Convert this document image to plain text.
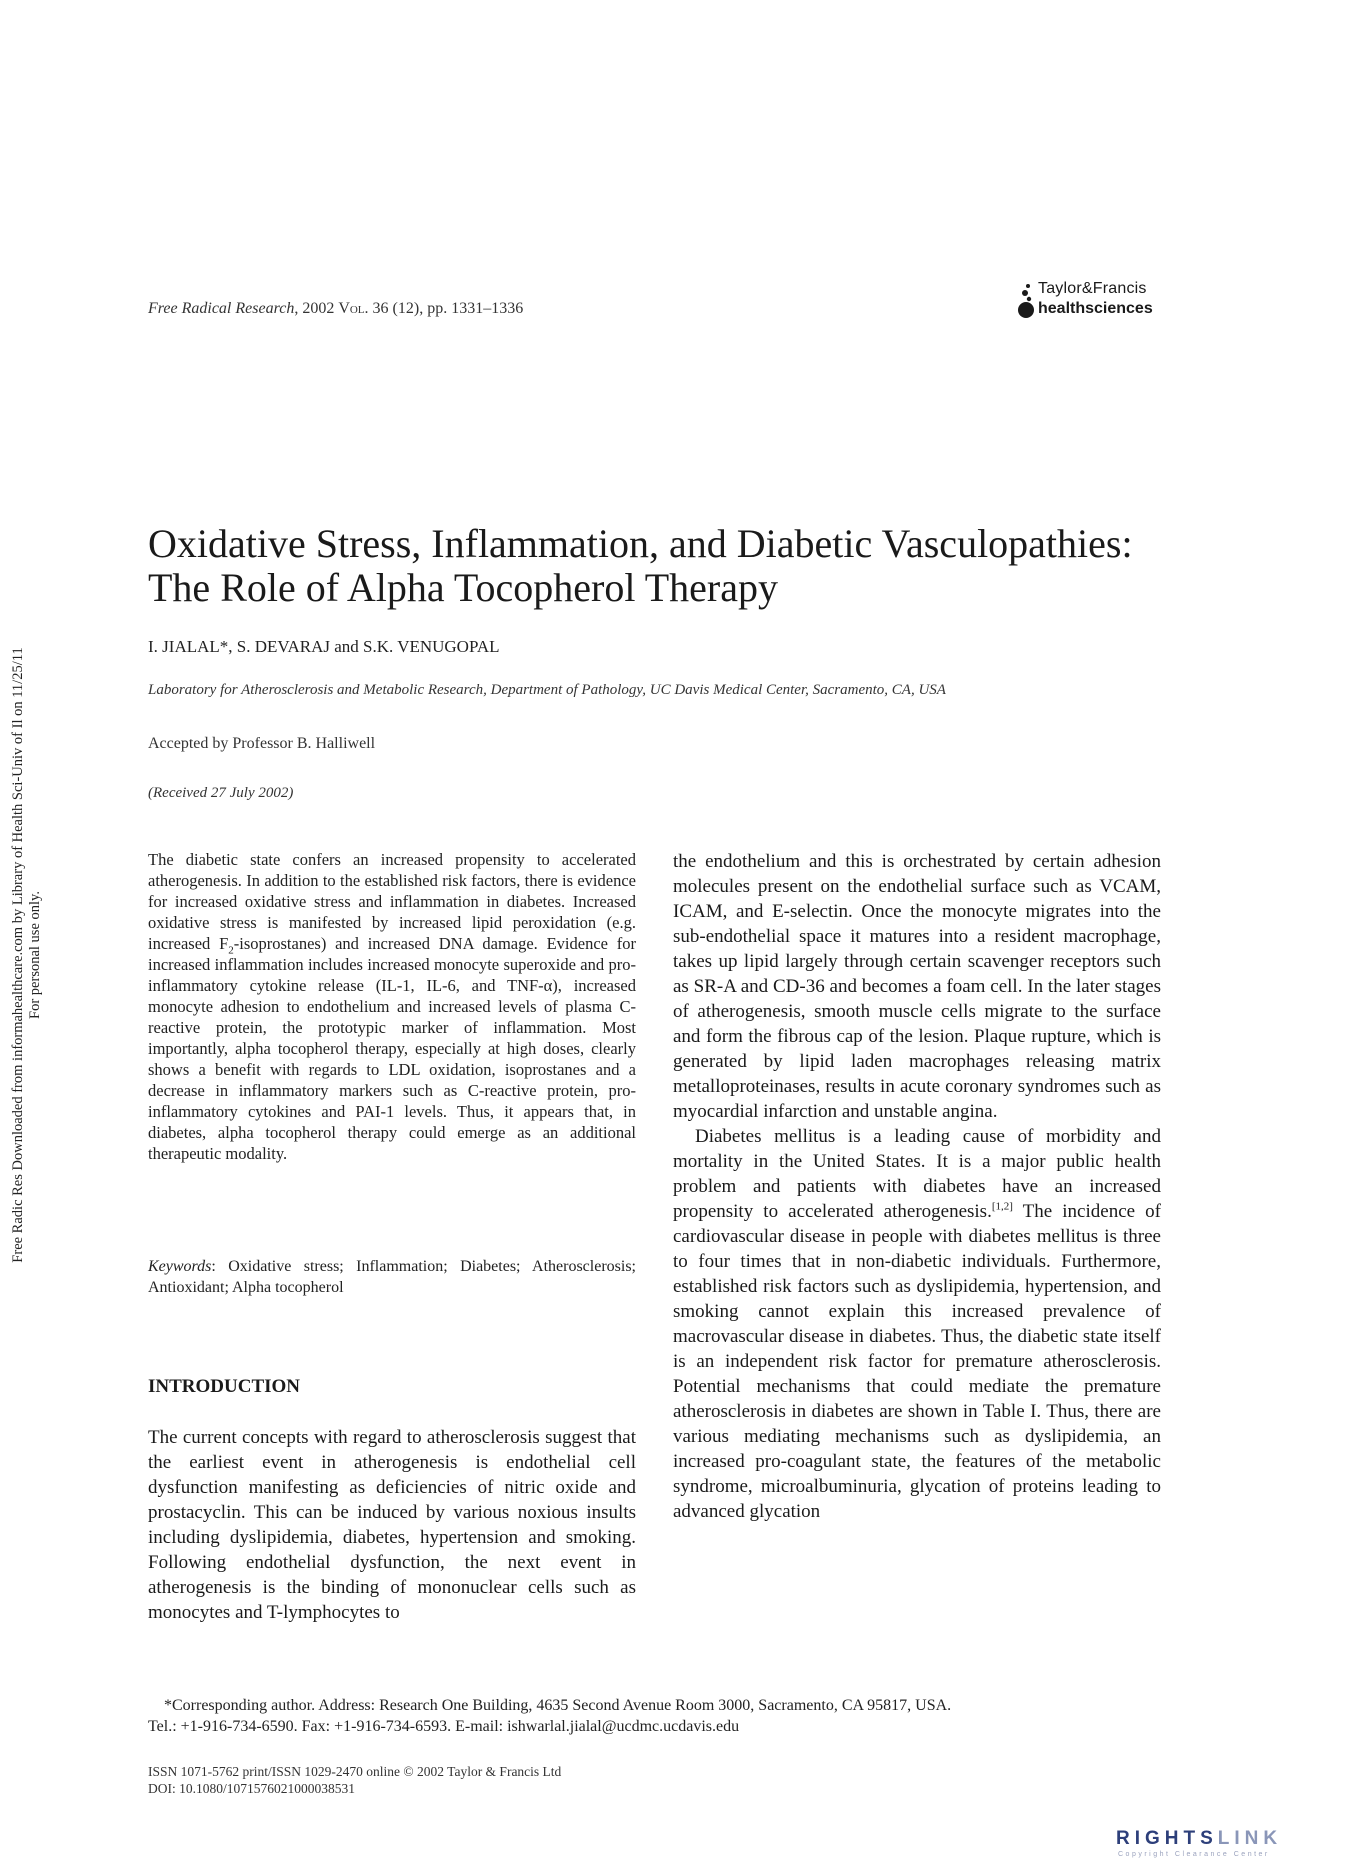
Free Radic Res Downloaded from informahealthcare.com by Library of Health Sci-Univ of Il on 11/25/11 For personal use only.
Free Radical Research, 2002 Vol. 36 (12), pp. 1331–1336
Taylor&Francis
healthsciences
Oxidative Stress, Inflammation, and Diabetic Vasculopathies:
The Role of Alpha Tocopherol Therapy
I. JIALAL*, S. DEVARAJ and S.K. VENUGOPAL
Laboratory for Atherosclerosis and Metabolic Research, Department of Pathology, UC Davis Medical Center, Sacramento, CA, USA
Accepted by Professor B. Halliwell
(Received 27 July 2002)
The diabetic state confers an increased propensity to accelerated atherogenesis. In addition to the established risk factors, there is evidence for increased oxidative stress and inflammation in diabetes. Increased oxidative stress is manifested by increased lipid peroxidation (e.g. increased $F_2-isoprostanes$) and increased DNA damage. Evidence for increased inflammation includes increased monocyte superoxide and pro-inflammatory cytokine release (IL-1, IL-6, and TNF-α), increased monocyte adhesion to endothelium and increased levels of plasma C-reactive protein, the prototypic marker of inflammation. Most importantly, alpha tocopherol therapy, especially at high doses, clearly shows a benefit with regards to LDL oxidation, isoprostanes and a decrease in inflammatory markers such as C-reactive protein, pro-inflammatory cytokines and PAI-1 levels. Thus, it appears that, in diabetes, alpha tocopherol therapy could emerge as an additional therapeutic modality.
Keywords: Oxidative stress; Inflammation; Diabetes; Atherosclerosis; Antioxidant; Alpha tocopherol
INTRODUCTION
The current concepts with regard to atherosclerosis suggest that the earliest event in atherogenesis is endothelial cell dysfunction manifesting as deficiencies of nitric oxide and prostacyclin. This can be induced by various noxious insults including dyslipidemia, diabetes, hypertension and smoking. Following endothelial dysfunction, the next event in atherogenesis is the binding of mononuclear cells such as monocytes and T-lymphocytes to

the endothelium and this is orchestrated by certain adhesion molecules present on the endothelial surface such as VCAM, ICAM, and E-selectin. Once the monocyte migrates into the sub-endothelial space it matures into a resident macrophage, takes up lipid largely through certain scavenger receptors such as SR-A and CD-36 and becomes a foam cell. In the later stages of atherogenesis, smooth muscle cells migrate to the surface and form the fibrous cap of the lesion. Plaque rupture, which is generated by lipid laden macrophages releasing matrix metalloproteinases, results in acute coronary syndromes such as myocardial infarction and unstable angina.

Diabetes mellitus is a leading cause of morbidity and mortality in the United States. It is a major public health problem and patients with diabetes have an increased propensity to accelerated atherogenesis.[1,2] The incidence of cardiovascular disease in people with diabetes mellitus is three to four times that in non-diabetic individuals. Furthermore, established risk factors such as dyslipidemia, hypertension, and smoking cannot explain this increased prevalence of macrovascular disease in diabetes. Thus, the diabetic state itself is an independent risk factor for premature atherosclerosis. Potential mechanisms that could mediate the premature atherosclerosis in diabetes are shown in Table I. Thus, there are various mediating mechanisms such as dyslipidemia, an increased pro-coagulant state, the features of the metabolic syndrome, microalbuminuria, glycation of proteins leading to advanced glycation

*Corresponding author. Address: Research One Building, 4635 Second Avenue Room 3000, Sacramento, CA 95817, USA.
Tel.: +1-916-734-6590. Fax: +1-916-734-6593. E-mail: ishwarlal.jialal@ucdmc.ucdavis.edu
ISSN 1071-5762 print/ISSN 1029-2470 online © 2002 Taylor & Francis Ltd
DOI: 10.1080/1071576021000038531
RIGHTSLINK
Copyright Clearance Center
